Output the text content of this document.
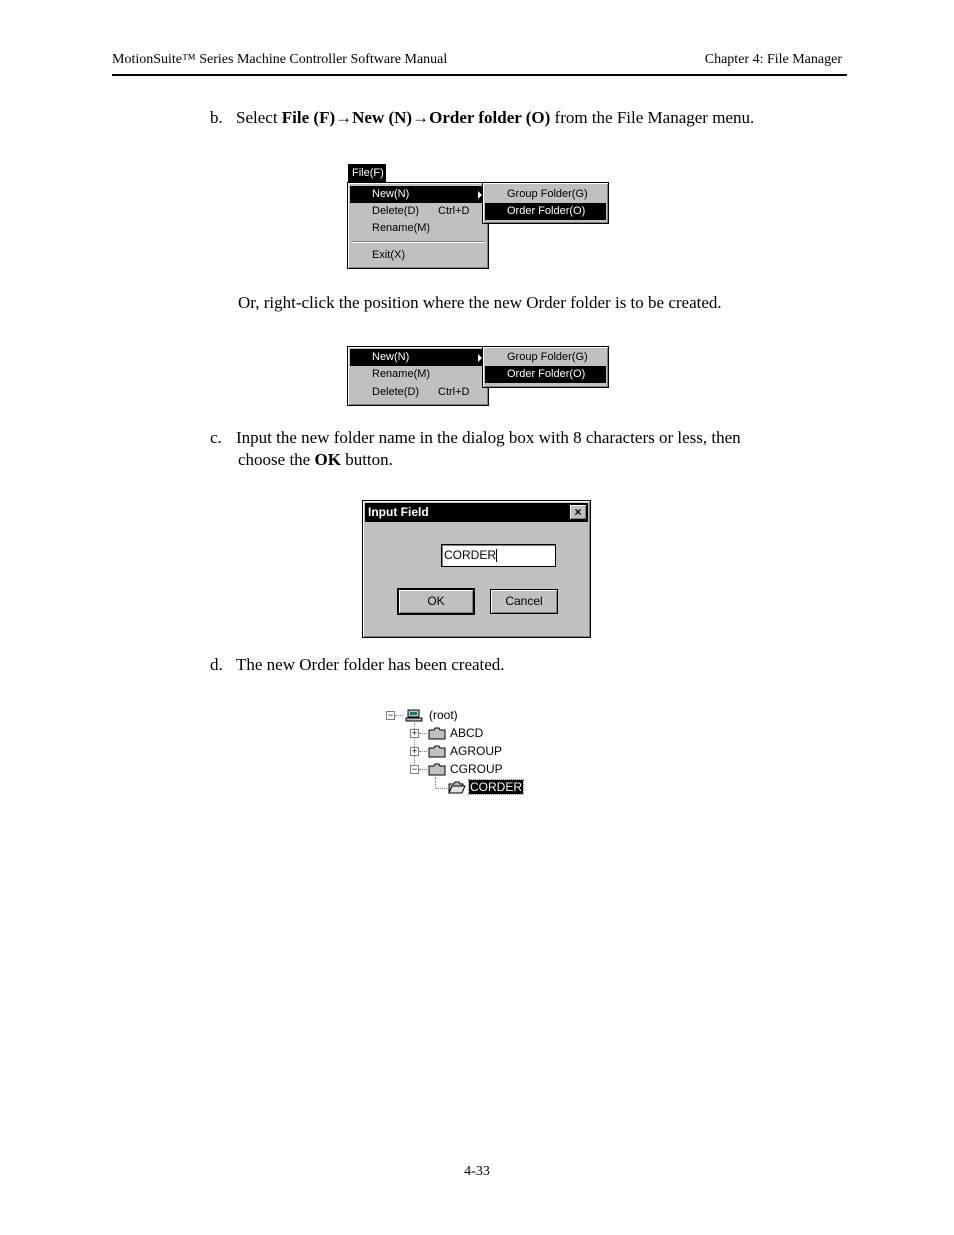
MotionSuite™ Series Machine Controller Software Manual	Chapter 4: File Manager
b. Select File (F)→New (N)→Order folder (O) from the File Manager menu.
File(F)
New(N)
Delete(D) Ctrl+D
Rename(M)
Exit(X)
Group Folder(G)
Order Folder(O)
Or, right-click the position where the new Order folder is to be created.
New(N)
Rename(M)
Delete(D) Ctrl+D
Group Folder(G)
Order Folder(O)
c. Input the new folder name in the dialog box with 8 characters or less, then
choose the OK button.
Input Field	×
CORDER
OK	Cancel
d. The new Order folder has been created.
−	(root)
+	ABCD
+	AGROUP
−	CGROUP
CORDER
4-33
